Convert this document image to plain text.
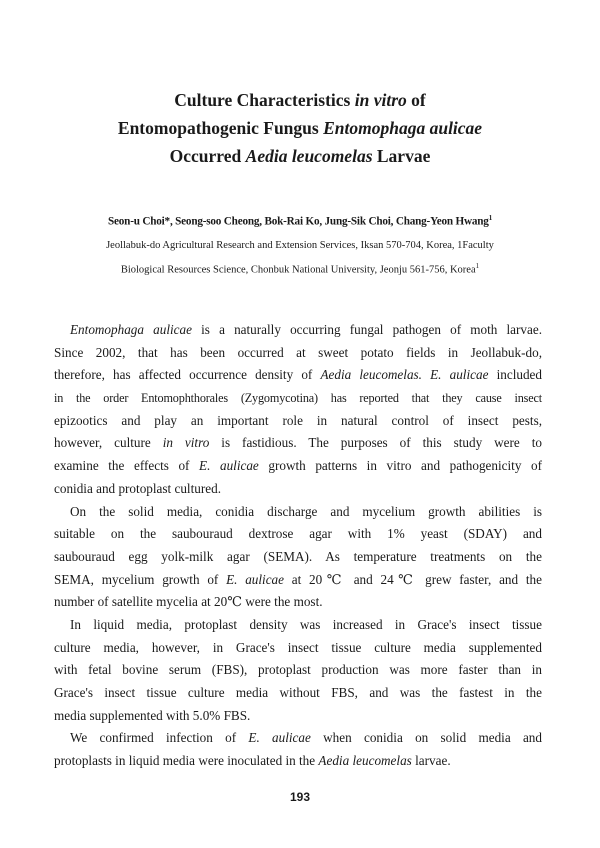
Culture Characteristics in vitro of
Entomopathogenic Fungus Entomophaga aulicae
Occurred Aedia leucomelas Larvae
Seon-u Choi*, Seong-soo Cheong, Bok-Rai Ko, Jung-Sik Choi, Chang-Yeon Hwang$^1$
Jeollabuk-do Agricultural Research and Extension Services, Iksan 570-704, Korea, 1Faculty
Biological Resources Science, Chonbuk National University, Jeonju 561-756, Korea$^1$

Entomophaga aulicae is a naturally occurring fungal pathogen of moth larvae.
Since 2002, that has been occurred at sweet potato fields in Jeollabuk-do,
therefore, has affected occurrence density of Aedia leucomelas. E. aulicae included
in the order Entomophthorales (Zygomycotina) has reported that they cause insect
epizootics and play an important role in natural control of insect pests,
however, culture in vitro is fastidious. The purposes of this study were to
examine the effects of E. aulicae growth patterns in vitro and pathogenicity of
conidia and protoplast cultured.

On the solid media, conidia discharge and mycelium growth abilities is
suitable on the saubouraud dextrose agar with 1% yeast (SDAY) and
saubouraud egg yolk-milk agar (SEMA). As temperature treatments on the
SEMA, mycelium growth of E. aulicae at 20℃ and 24℃ grew faster, and the
number of satellite mycelia at 20℃ were the most.

In liquid media, protoplast density was increased in Grace's insect tissue
culture media, however, in Grace's insect tissue culture media supplemented
with fetal bovine serum (FBS), protoplast production was more faster than in
Grace's insect tissue culture media without FBS, and was the fastest in the
media supplemented with 5.0% FBS.

We confirmed infection of E. aulicae when conidia on solid media and
protoplasts in liquid media were inoculated in the Aedia leucomelas larvae.

193
